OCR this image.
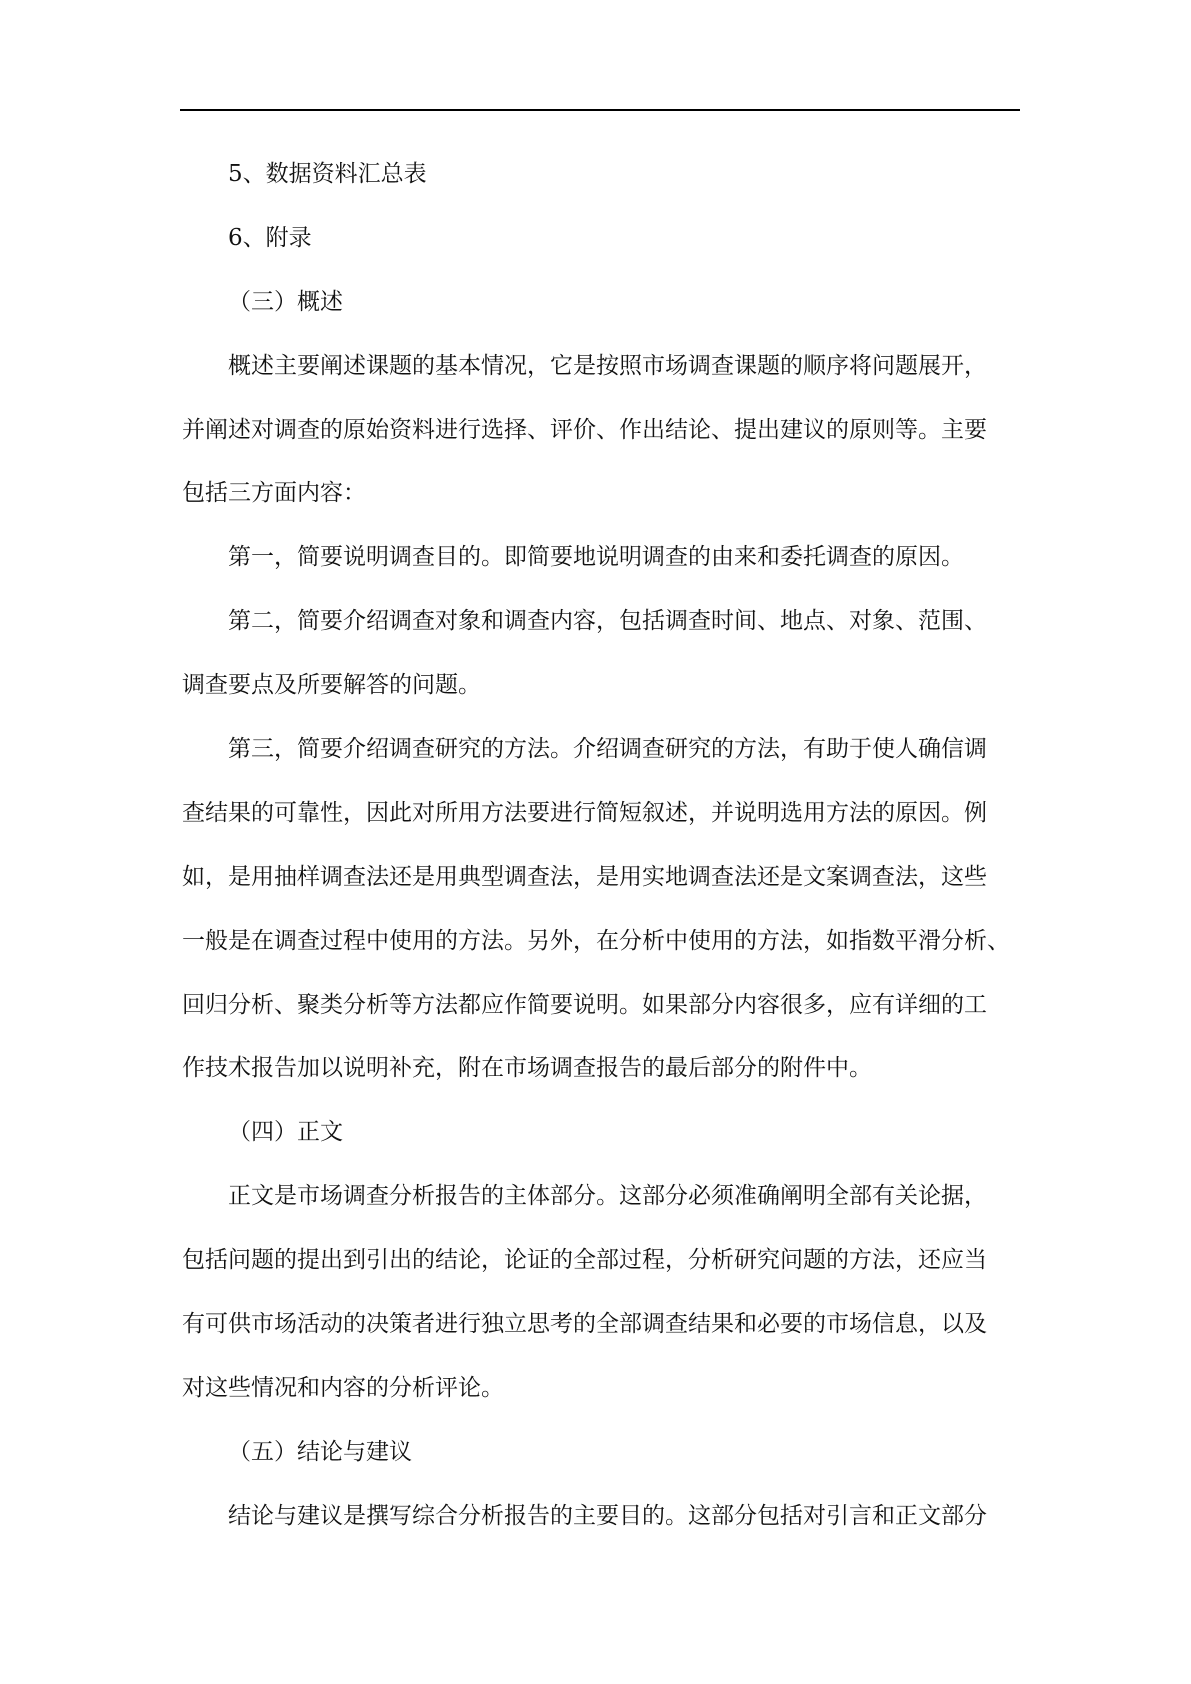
5、数据资料汇总表
6、附录
（三）概述
概述主要阐述课题的基本情况，它是按照市场调查课题的顺序将问题展开，
并阐述对调查的原始资料进行选择、评价、作出结论、提出建议的原则等。主要
包括三方面内容：
第一，简要说明调查目的。即简要地说明调查的由来和委托调查的原因。
第二，简要介绍调查对象和调查内容，包括调查时间、地点、对象、范围、
调查要点及所要解答的问题。
第三，简要介绍调查研究的方法。介绍调查研究的方法，有助于使人确信调
查结果的可靠性，因此对所用方法要进行简短叙述，并说明选用方法的原因。例
如，是用抽样调查法还是用典型调查法，是用实地调查法还是文案调查法，这些
一般是在调查过程中使用的方法。另外，在分析中使用的方法，如指数平滑分析、
回归分析、聚类分析等方法都应作简要说明。如果部分内容很多，应有详细的工
作技术报告加以说明补充，附在市场调查报告的最后部分的附件中。
（四）正文
正文是市场调查分析报告的主体部分。这部分必须准确阐明全部有关论据，
包括问题的提出到引出的结论，论证的全部过程，分析研究问题的方法，还应当
有可供市场活动的决策者进行独立思考的全部调查结果和必要的市场信息，以及
对这些情况和内容的分析评论。
（五）结论与建议
结论与建议是撰写综合分析报告的主要目的。这部分包括对引言和正文部分
